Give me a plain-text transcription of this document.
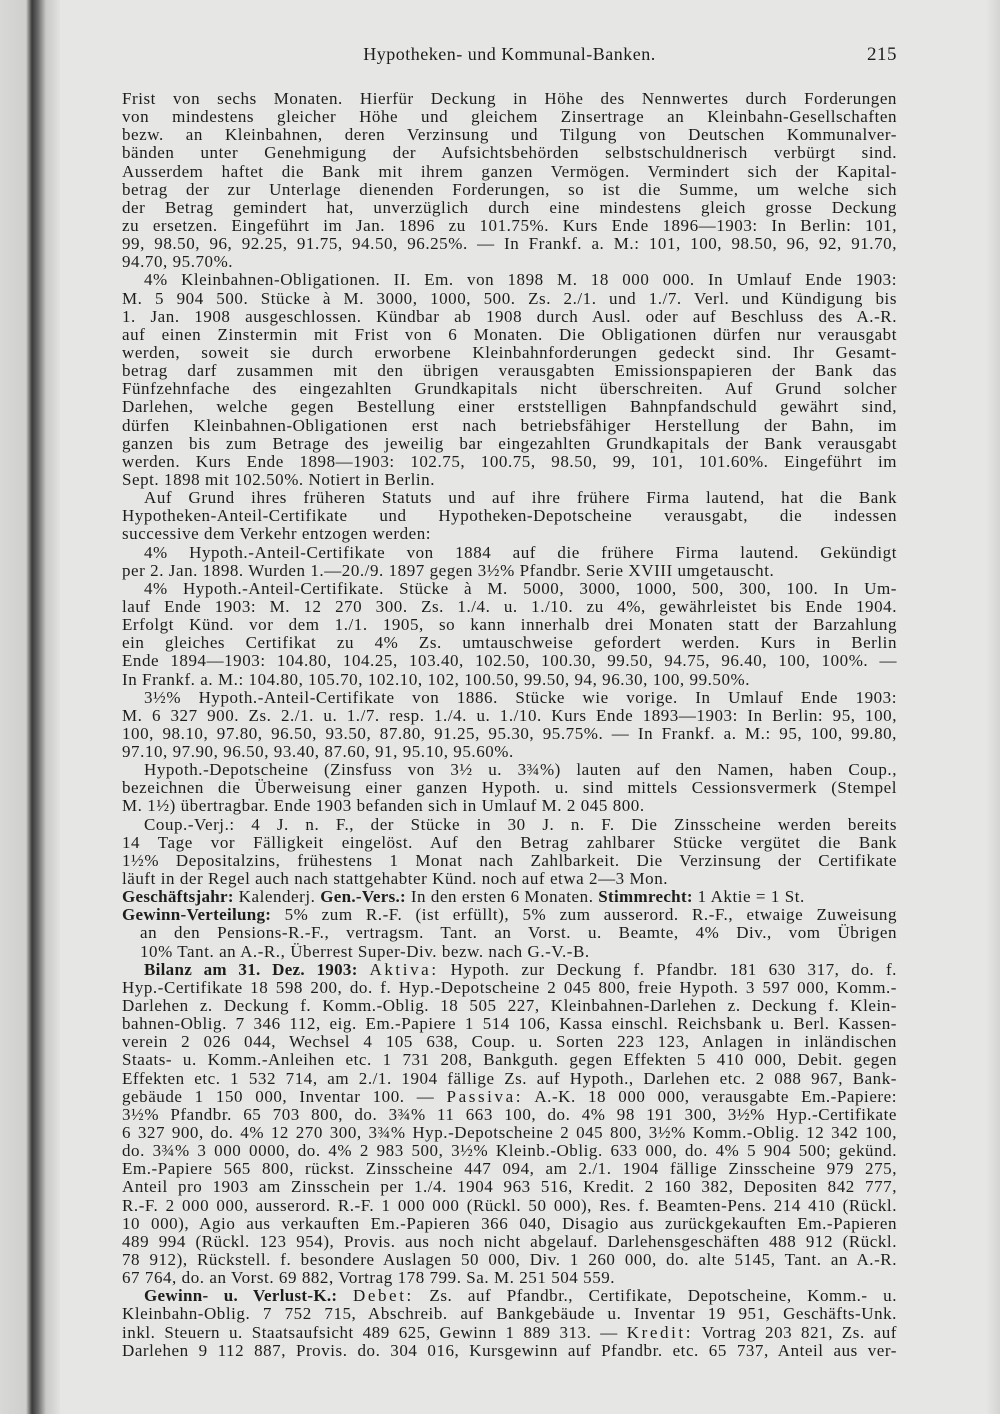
Hypotheken- und Kommunal-Banken.	215
Frist von sechs Monaten. Hierfür Deckung in Höhe des Nennwertes durch Forderungen
von mindestens gleicher Höhe und gleichem Zinsertrage an Kleinbahn-Gesellschaften
bezw. an Kleinbahnen, deren Verzinsung und Tilgung von Deutschen Kommunalver-
bänden unter Genehmigung der Aufsichtsbehörden selbstschuldnerisch verbürgt sind.
Ausserdem haftet die Bank mit ihrem ganzen Vermögen. Vermindert sich der Kapital-
betrag der zur Unterlage dienenden Forderungen, so ist die Summe, um welche sich
der Betrag gemindert hat, unverzüglich durch eine mindestens gleich grosse Deckung
zu ersetzen. Eingeführt im Jan. 1896 zu 101.75%. Kurs Ende 1896—1903: In Berlin: 101,
99, 98.50, 96, 92.25, 91.75, 94.50, 96.25%. — In Frankf. a. M.: 101, 100, 98.50, 96, 92, 91.70,
94.70, 95.70%.
4% Kleinbahnen-Obligationen. II. Em. von 1898 M. 18 000 000. In Umlauf Ende 1903:
M. 5 904 500. Stücke à M. 3000, 1000, 500. Zs. 2./1. und 1./7. Verl. und Kündigung bis
1. Jan. 1908 ausgeschlossen. Kündbar ab 1908 durch Ausl. oder auf Beschluss des A.-R.
auf einen Zinstermin mit Frist von 6 Monaten. Die Obligationen dürfen nur verausgabt
werden, soweit sie durch erworbene Kleinbahnforderungen gedeckt sind. Ihr Gesamt-
betrag darf zusammen mit den übrigen verausgabten Emissionspapieren der Bank das
Fünfzehnfache des eingezahlten Grundkapitals nicht überschreiten. Auf Grund solcher
Darlehen, welche gegen Bestellung einer erststelligen Bahnpfandschuld gewährt sind,
dürfen Kleinbahnen-Obligationen erst nach betriebsfähiger Herstellung der Bahn, im
ganzen bis zum Betrage des jeweilig bar eingezahlten Grundkapitals der Bank verausgabt
werden. Kurs Ende 1898—1903: 102.75, 100.75, 98.50, 99, 101, 101.60%. Eingeführt im
Sept. 1898 mit 102.50%. Notiert in Berlin.
Auf Grund ihres früheren Statuts und auf ihre frühere Firma lautend, hat die Bank
Hypotheken-Anteil-Certifikate und Hypotheken-Depotscheine verausgabt, die indessen
successive dem Verkehr entzogen werden:
4% Hypoth.-Anteil-Certifikate von 1884 auf die frühere Firma lautend. Gekündigt
per 2. Jan. 1898. Wurden 1.—20./9. 1897 gegen 3½% Pfandbr. Serie XVIII umgetauscht.
4% Hypoth.-Anteil-Certifikate. Stücke à M. 5000, 3000, 1000, 500, 300, 100. In Um-
lauf Ende 1903: M. 12 270 300. Zs. 1./4. u. 1./10. zu 4%, gewährleistet bis Ende 1904.
Erfolgt Künd. vor dem 1./1. 1905, so kann innerhalb drei Monaten statt der Barzahlung
ein gleiches Certifikat zu 4% Zs. umtauschweise gefordert werden. Kurs in Berlin
Ende 1894—1903: 104.80, 104.25, 103.40, 102.50, 100.30, 99.50, 94.75, 96.40, 100, 100%. —
In Frankf. a. M.: 104.80, 105.70, 102.10, 102, 100.50, 99.50, 94, 96.30, 100, 99.50%.
3½% Hypoth.-Anteil-Certifikate von 1886. Stücke wie vorige. In Umlauf Ende 1903:
M. 6 327 900. Zs. 2./1. u. 1./7. resp. 1./4. u. 1./10. Kurs Ende 1893—1903: In Berlin: 95, 100,
100, 98.10, 97.80, 96.50, 93.50, 87.80, 91.25, 95.30, 95.75%. — In Frankf. a. M.: 95, 100, 99.80,
97.10, 97.90, 96.50, 93.40, 87.60, 91, 95.10, 95.60%.
Hypoth.-Depotscheine (Zinsfuss von 3½ u. 3¾%) lauten auf den Namen, haben Coup.,
bezeichnen die Überweisung einer ganzen Hypoth. u. sind mittels Cessionsvermerk (Stempel
M. 1½) übertragbar. Ende 1903 befanden sich in Umlauf M. 2 045 800.
Coup.-Verj.: 4 J. n. F., der Stücke in 30 J. n. F. Die Zinsscheine werden bereits
14 Tage vor Fälligkeit eingelöst. Auf den Betrag zahlbarer Stücke vergütet die Bank
1½% Depositalzins, frühestens 1 Monat nach Zahlbarkeit. Die Verzinsung der Certifikate
läuft in der Regel auch nach stattgehabter Künd. noch auf etwa 2—3 Mon.
Geschäftsjahr: Kalenderj. Gen.-Vers.: In den ersten 6 Monaten. Stimmrecht: 1 Aktie = 1 St.
Gewinn-Verteilung: 5% zum R.-F. (ist erfüllt), 5% zum ausserord. R.-F., etwaige Zuweisung
an den Pensions-R.-F., vertragsm. Tant. an Vorst. u. Beamte, 4% Div., vom Übrigen
10% Tant. an A.-R., Überrest Super-Div. bezw. nach G.-V.-B.
Bilanz am 31. Dez. 1903: Aktiva: Hypoth. zur Deckung f. Pfandbr. 181 630 317, do. f.
Hyp.-Certifikate 18 598 200, do. f. Hyp.-Depotscheine 2 045 800, freie Hypoth. 3 597 000, Komm.-
Darlehen z. Deckung f. Komm.-Oblig. 18 505 227, Kleinbahnen-Darlehen z. Deckung f. Klein-
bahnen-Oblig. 7 346 112, eig. Em.-Papiere 1 514 106, Kassa einschl. Reichsbank u. Berl. Kassen-
verein 2 026 044, Wechsel 4 105 638, Coup. u. Sorten 223 123, Anlagen in inländischen
Staats- u. Komm.-Anleihen etc. 1 731 208, Bankguth. gegen Effekten 5 410 000, Debit. gegen
Effekten etc. 1 532 714, am 2./1. 1904 fällige Zs. auf Hypoth., Darlehen etc. 2 088 967, Bank-
gebäude 1 150 000, Inventar 100. — Passiva: A.-K. 18 000 000, verausgabte Em.-Papiere:
3½% Pfandbr. 65 703 800, do. 3¾% 11 663 100, do. 4% 98 191 300, 3½% Hyp.-Certifikate
6 327 900, do. 4% 12 270 300, 3¾% Hyp.-Depotscheine 2 045 800, 3½% Komm.-Oblig. 12 342 100,
do. 3¾% 3 000 0000, do. 4% 2 983 500, 3½% Kleinb.-Oblig. 633 000, do. 4% 5 904 500; gekünd.
Em.-Papiere 565 800, rückst. Zinsscheine 447 094, am 2./1. 1904 fällige Zinsscheine 979 275,
Anteil pro 1903 am Zinsschein per 1./4. 1904 963 516, Kredit. 2 160 382, Depositen 842 777,
R.-F. 2 000 000, ausserord. R.-F. 1 000 000 (Rückl. 50 000), Res. f. Beamten-Pens. 214 410 (Rückl.
10 000), Agio aus verkauften Em.-Papieren 366 040, Disagio aus zurückgekauften Em.-Papieren
489 994 (Rückl. 123 954), Provis. aus noch nicht abgelauf. Darlehensgeschäften 488 912 (Rückl.
78 912), Rückstell. f. besondere Auslagen 50 000, Div. 1 260 000, do. alte 5145, Tant. an A.-R.
67 764, do. an Vorst. 69 882, Vortrag 178 799. Sa. M. 251 504 559.
Gewinn- u. Verlust-K.: Debet: Zs. auf Pfandbr., Certifikate, Depotscheine, Komm.- u.
Kleinbahn-Oblig. 7 752 715, Abschreib. auf Bankgebäude u. Inventar 19 951, Geschäfts-Unk.
inkl. Steuern u. Staatsaufsicht 489 625, Gewinn 1 889 313. — Kredit: Vortrag 203 821, Zs. auf
Darlehen 9 112 887, Provis. do. 304 016, Kursgewinn auf Pfandbr. etc. 65 737, Anteil aus ver-
